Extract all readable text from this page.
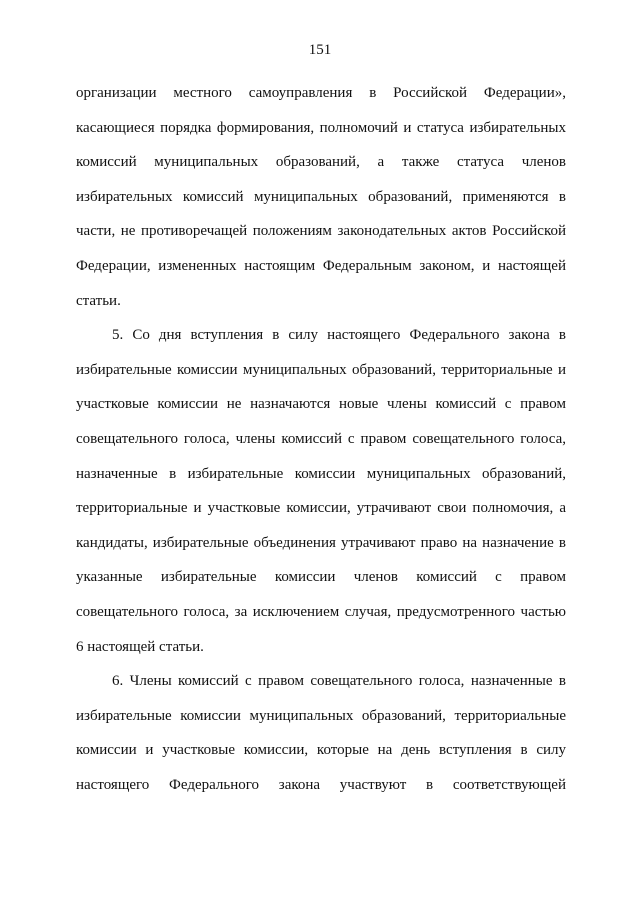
151

организации местного самоуправления в Российской Федерации»,
касающиеся порядка формирования, полномочий и статуса избирательных
комиссий муниципальных образований, а также статуса членов
избирательных комиссий муниципальных образований, применяются в
части, не противоречащей положениям законодательных актов Российской
Федерации, измененных настоящим Федеральным законом, и настоящей
статьи.

5. Со дня вступления в силу настоящего Федерального закона в
избирательные комиссии муниципальных образований, территориальные и
участковые комиссии не назначаются новые члены комиссий с правом
совещательного голоса, члены комиссий с правом совещательного голоса,
назначенные в избирательные комиссии муниципальных образований,
территориальные и участковые комиссии, утрачивают свои полномочия, а
кандидаты, избирательные объединения утрачивают право на назначение в
указанные избирательные комиссии членов комиссий с правом
совещательного голоса, за исключением случая, предусмотренного частью
6 настоящей статьи.

6. Члены комиссий с правом совещательного голоса, назначенные в
избирательные комиссии муниципальных образований, территориальные
комиссии и участковые комиссии, которые на день вступления в силу
настоящего Федерального закона участвуют в соответствующей
